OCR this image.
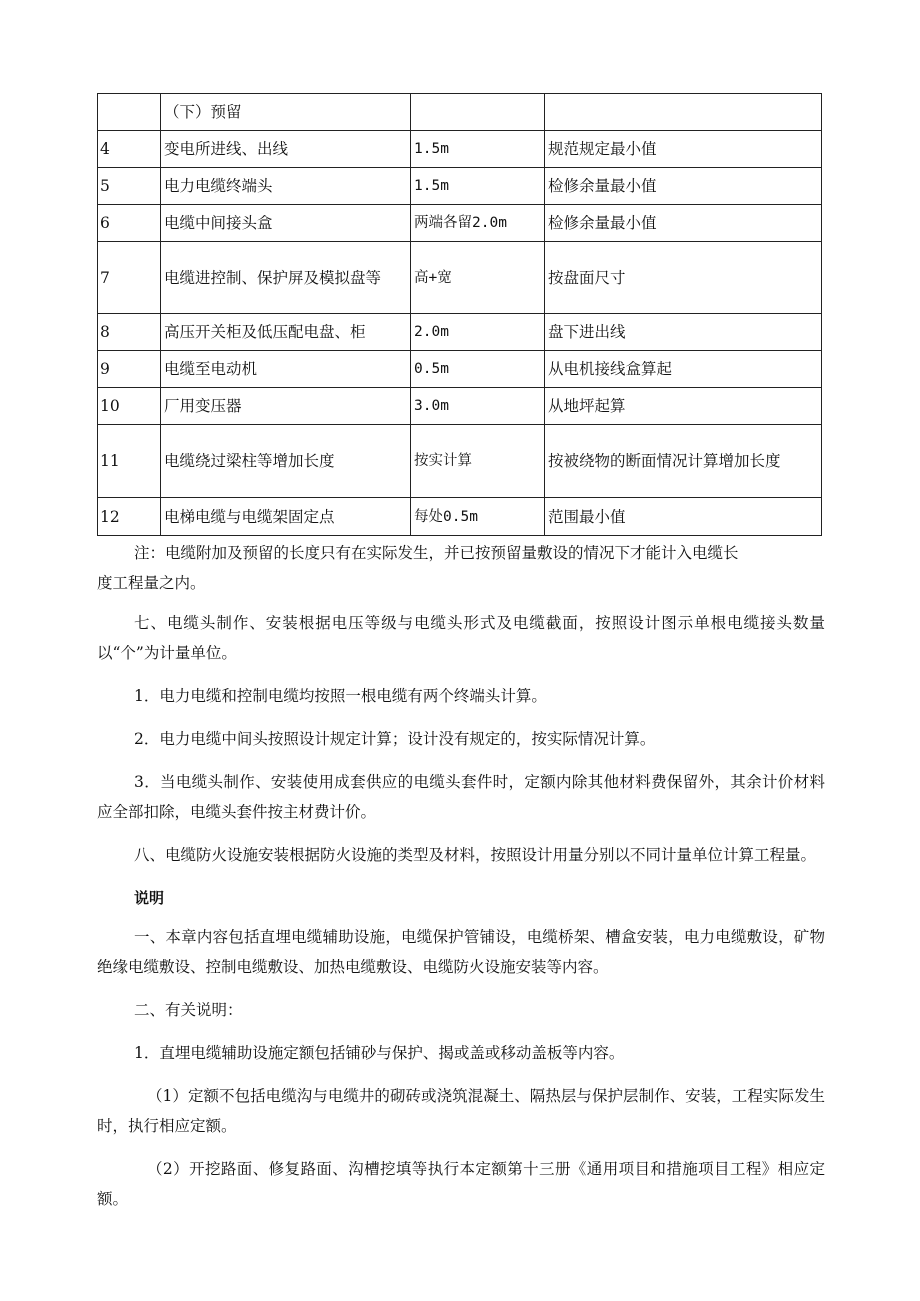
	（下）预留		
4	变电所进线、出线	1.5m	规范规定最小值
5	电力电缆终端头	1.5m	检修余量最小值
6	电缆中间接头盒	两端各留2.0m	检修余量最小值
7	电缆进控制、保护屏及模拟盘等	高+宽	按盘面尺寸
8	高压开关柜及低压配电盘、柜	2.0m	盘下进出线
9	电缆至电动机	0.5m	从电机接线盒算起
10	厂用变压器	3.0m	从地坪起算
11	电缆绕过梁柱等增加长度	按实计算	按被绕物的断面情况计算增加长度
12	电梯电缆与电缆架固定点	每处0.5m	范围最小值

注：电缆附加及预留的长度只有在实际发生，并已按预留量敷设的情况下才能计入电缆长度工程量之内。

七、电缆头制作、安装根据电压等级与电缆头形式及电缆截面，按照设计图示单根电缆接头数量以“个”为计量单位。

1．电力电缆和控制电缆均按照一根电缆有两个终端头计算。

2．电力电缆中间头按照设计规定计算；设计没有规定的，按实际情况计算。

3．当电缆头制作、安装使用成套供应的电缆头套件时，定额内除其他材料费保留外，其余计价材料应全部扣除，电缆头套件按主材费计价。

八、电缆防火设施安装根据防火设施的类型及材料，按照设计用量分别以不同计量单位计算工程量。

说明

一、本章内容包括直埋电缆辅助设施，电缆保护管铺设，电缆桥架、槽盒安装，电力电缆敷设，矿物绝缘电缆敷设、控制电缆敷设、加热电缆敷设、电缆防火设施安装等内容。

二、有关说明：

1．直埋电缆辅助设施定额包括铺砂与保护、揭或盖或移动盖板等内容。

（1）定额不包括电缆沟与电缆井的砌砖或浇筑混凝土、隔热层与保护层制作、安装，工程实际发生时，执行相应定额。

（2）开挖路面、修复路面、沟槽挖填等执行本定额第十三册《通用项目和措施项目工程》相应定额。
